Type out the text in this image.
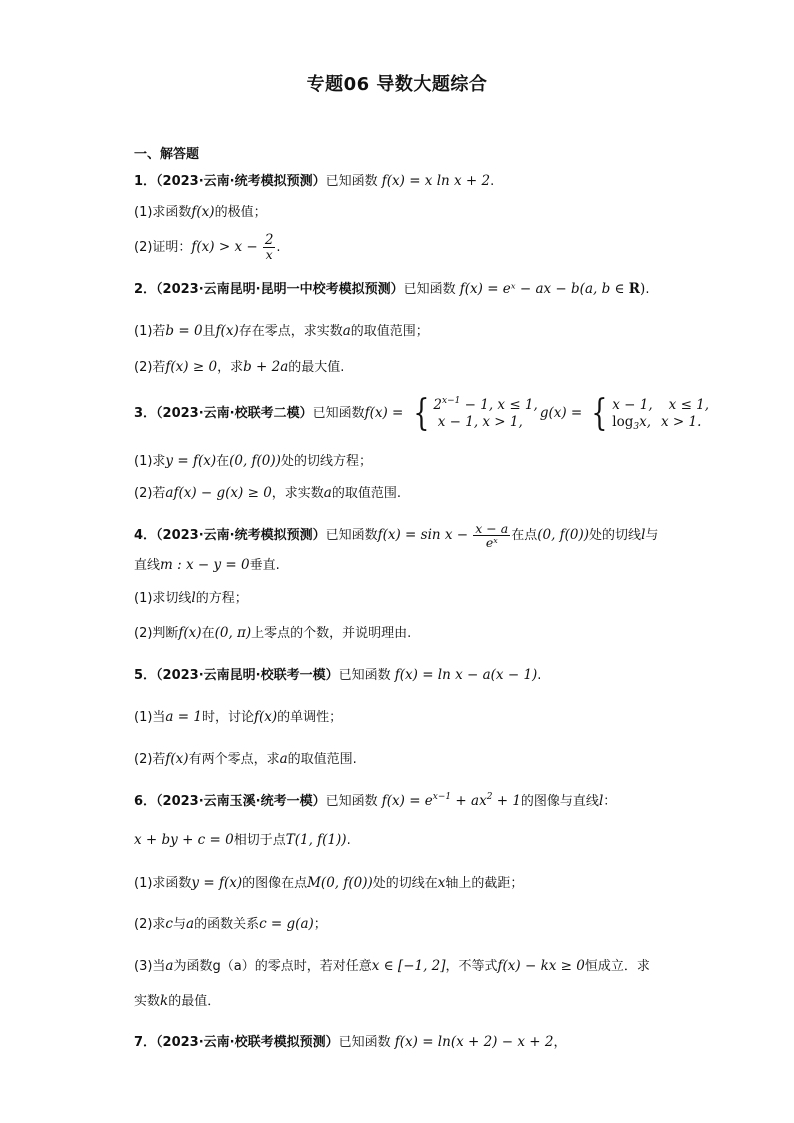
专题06 导数大题综合
一、解答题
1．（2023·云南·统考模拟预测）已知函数 f(x) = x ln x + 2.
(1)求函数f(x)的极值；
(2)证明：$f(x) > x - \frac{2}{x}$ .
2．（2023·云南昆明·昆明一中校考模拟预测）已知函数 f(x) = eˣ − ax − b(a, b ∈ R).
(1)若b = 0且f(x)存在零点，求实数a的取值范围；
(2)若f(x) ≥ 0，求b + 2a的最大值.
3．（2023·云南·校联考二模）已知函数f(x) = { $2^{x-1} - 1$, x ≤ 1,
x − 1, x > 1,
g(x) = { x − 1, x ≤ 1,
$\log_3x$, x > 1.
(1)求y = f(x)在(0, f(0))处的切线方程；
(2)若af(x) − g(x) ≥ 0，求实数a的取值范围.
4．（2023·云南·统考模拟预测）已知函数$f(x) = \sin x - \frac{x - a}{\text{eˣ}}$ 在点(0, f(0))处的切线l与
直线m : x − y = 0垂直.
(1)求切线l的方程；
(2)判断f(x)在(0, π)上零点的个数，并说明理由.
5．（2023·云南昆明·校联考一模）已知函数 f(x) = ln x − a(x − 1).
(1)当a = 1时，讨论f(x)的单调性；
(2)若f(x)有两个零点，求a的取值范围.
6．（2023·云南玉溪·统考一模）已知函数 $f(x) = e^{x-1} + ax^2 + 1$的图像与直线l：
x + by + c = 0相切于点T(1, f(1)).
(1)求函数y = f(x)的图像在点M(0, f(0))处的切线在x轴上的截距；
(2)求c与a的函数关系c = g(a)；
(3)当a为函数g（a）的零点时，若对任意x ∈ [−1, 2]，不等式f(x) − kx ≥ 0恒成立．求
实数k的最值．
7．（2023·云南·校联考模拟预测）已知函数 f(x) = ln(x + 2) − x + 2，
